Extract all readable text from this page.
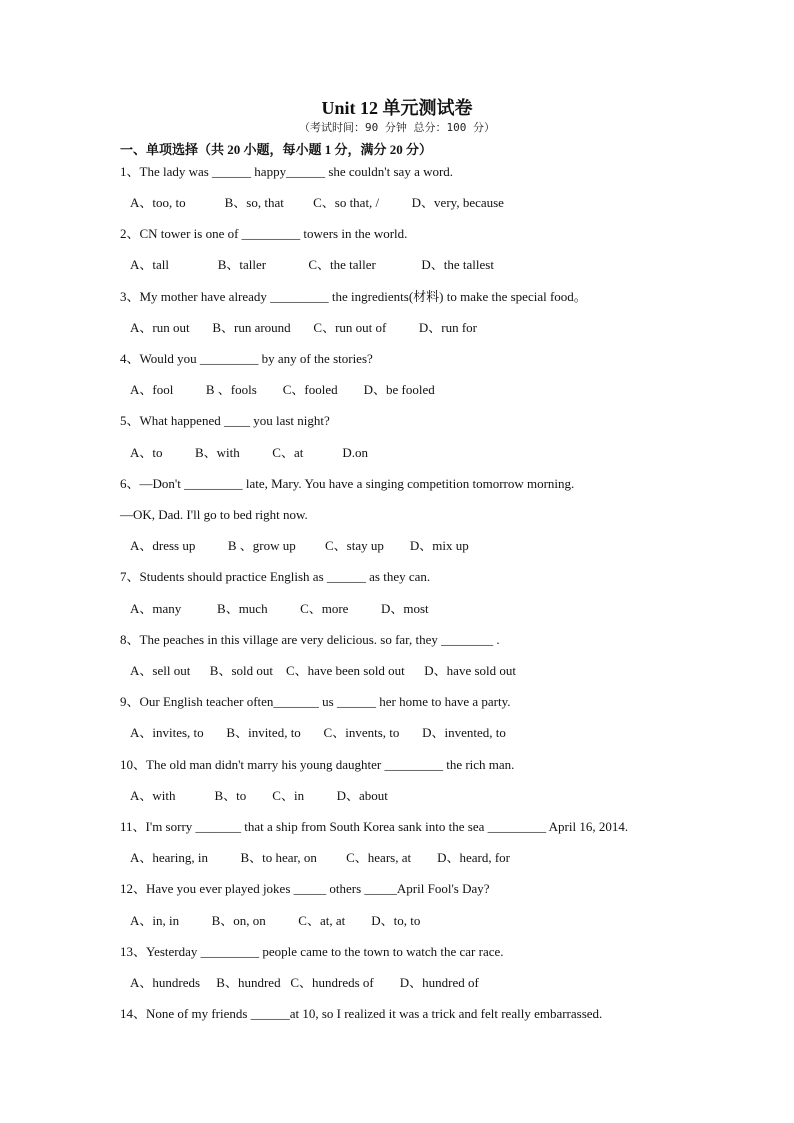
Unit 12 单元测试卷
（考试时间：90 分钟 总分：100 分）
一、单项选择（共 20 小题，每小题 1 分，满分 20 分）
1、The lady was ______ happy______ she couldn't say a word.
A、too, to            B、so, that         C、so that, /          D、very, because
2、CN tower is one of _________ towers in the world.
A、tall               B、taller             C、the taller              D、the tallest
3、My mother have already _________ the ingredients(材料) to make the special food。
A、run out       B、run around       C、run out of          D、run for
4、Would you _________ by any of the stories?
A、fool          B 、fools        C、fooled        D、be fooled
5、What happened ____ you last night?
A、to          B、with          C、at            D.on
6、—Don't _________ late, Mary. You have a singing competition tomorrow morning.
—OK, Dad. I'll go to bed right now.
A、dress up          B 、grow up         C、stay up        D、mix up
7、Students should practice English as ______ as they can.
A、many           B、much          C、more          D、most
8、The peaches in this village are very delicious. so far, they ________ .
A、sell out      B、sold out    C、have been sold out      D、have sold out
9、Our English teacher often_______ us ______ her home to have a party.
A、invites, to       B、invited, to       C、invents, to       D、invented, to
10、The old man didn't marry his young daughter _________ the rich man.
A、with            B、to        C、in          D、about
11、I'm sorry _______ that a ship from South Korea sank into the sea _________ April 16, 2014.
A、hearing, in          B、to hear, on         C、hears, at        D、heard, for
12、Have you ever played jokes _____ others _____April Fool's Day?
A、in, in          B、on, on          C、at, at        D、to, to
13、Yesterday _________ people came to the town to watch the car race.
A、hundreds     B、hundred   C、hundreds of        D、hundred of
14、None of my friends ______at 10, so I realized it was a trick and felt really embarrassed.
